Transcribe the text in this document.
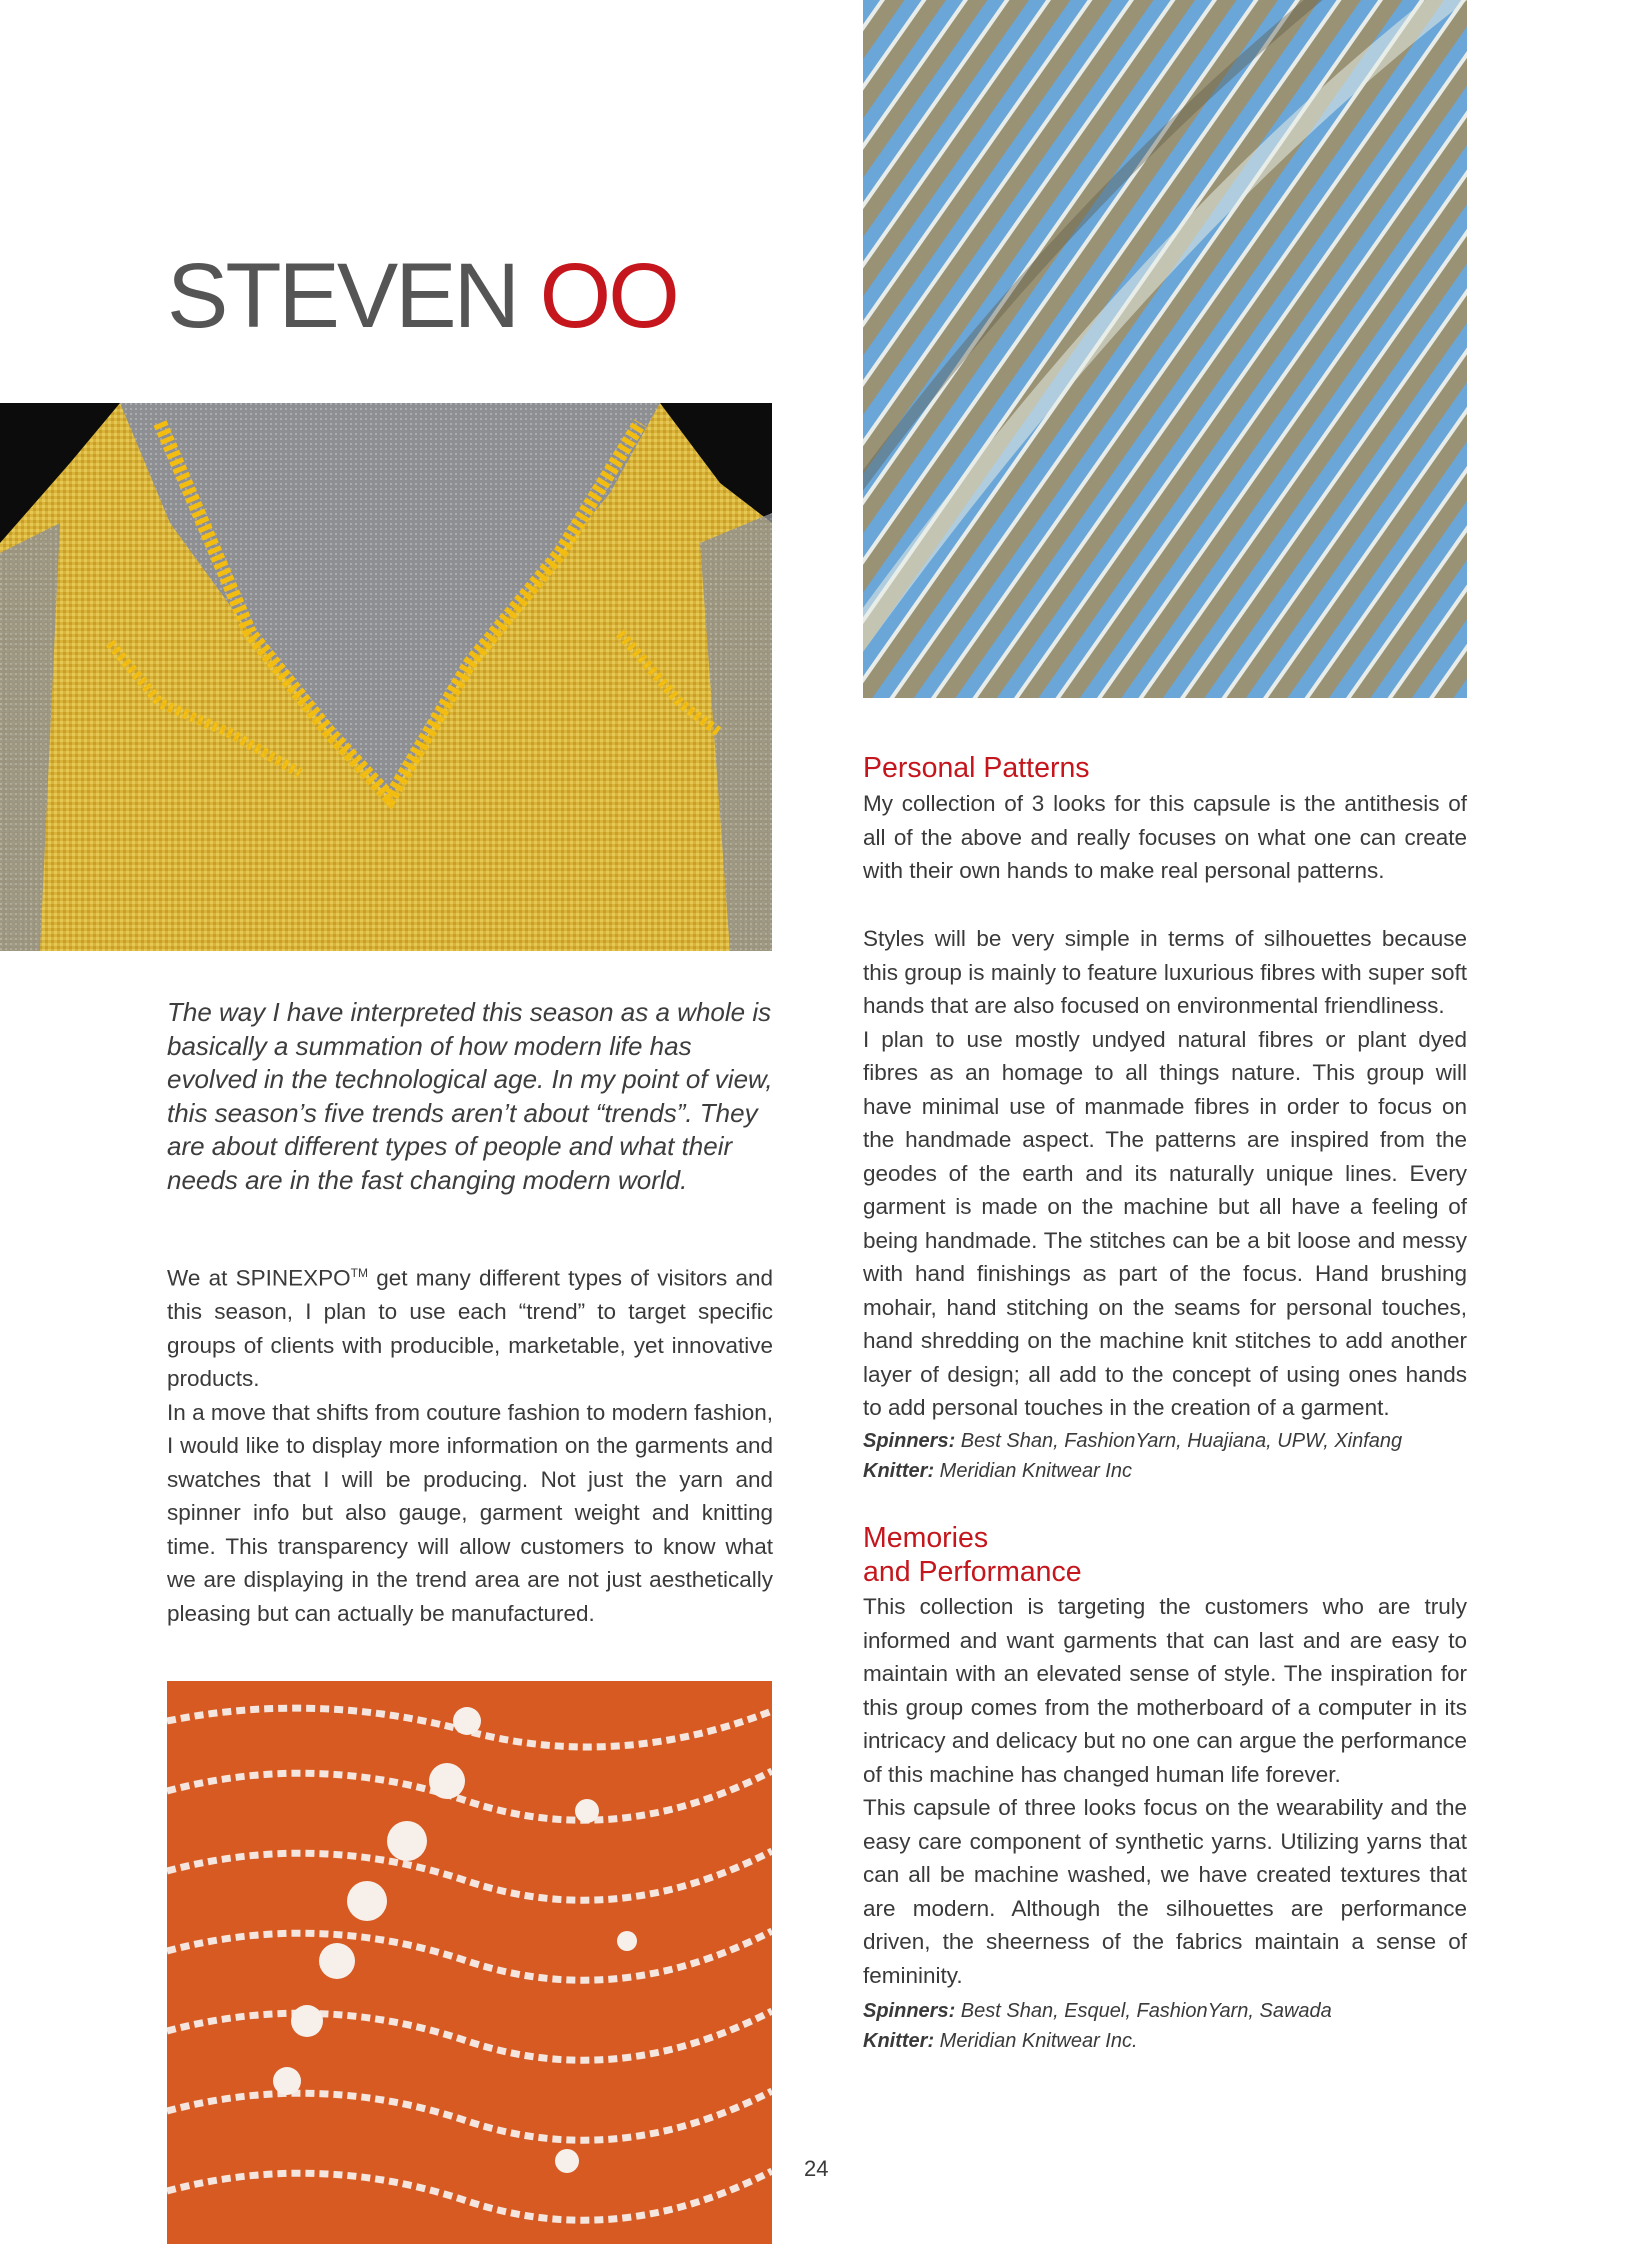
STEVEN OO

The way I have interpreted this season as a whole is basically a summation of how modern life has evolved in the technological age. In my point of view, this season’s five trends aren’t about “trends”. They are about different types of people and what their needs are in the fast changing modern world.

We at SPINEXPO™ get many different types of visitors and this season, I plan to use each “trend” to target specific groups of clients with producible, marketable, yet innovative products.

In a move that shifts from couture fashion to modern fashion, I would like to display more information on the garments and swatches that I will be producing. Not just the yarn and spinner info but also gauge, garment weight and knitting time. This transparency will allow customers to know what we are displaying in the trend area are not just aesthetically pleasing but can actually be manufactured.

Personal Patterns

My collection of 3 looks for this capsule is the antithesis of all of the above and really focuses on what one can create with their own hands to make real personal patterns.

Styles will be very simple in terms of silhouettes because this group is mainly to feature luxurious fibres with super soft hands that are also focused on environmental friendliness.

I plan to use mostly undyed natural fibres or plant dyed fibres as an homage to all things nature. This group will have minimal use of manmade fibres in order to focus on the handmade aspect. The patterns are inspired from the geodes of the earth and its naturally unique lines. Every garment is made on the machine but all have a feeling of being handmade. The stitches can be a bit loose and messy with hand finishings as part of the focus. Hand brushing mohair, hand stitching on the seams for personal touches, hand shredding on the machine knit stitches to add another layer of design; all add to the concept of using ones hands to add personal touches in the creation of a garment.

Spinners: Best Shan, FashionYarn, Huajiana, UPW, Xinfang

Knitter: Meridian Knitwear Inc

Memories
and Performance

This collection is targeting the customers who are truly informed and want garments that can last and are easy to maintain with an elevated sense of style. The inspiration for this group comes from the motherboard of a computer in its intricacy and delicacy but no one can argue the performance of this machine has changed human life forever.

This capsule of three looks focus on the wearability and the easy care component of synthetic yarns. Utilizing yarns that can all be machine washed, we have created textures that are modern. Although the silhouettes are performance driven, the sheerness of the fabrics maintain a sense of femininity.

Spinners: Best Shan, Esquel, FashionYarn, Sawada

Knitter: Meridian Knitwear Inc.

24
